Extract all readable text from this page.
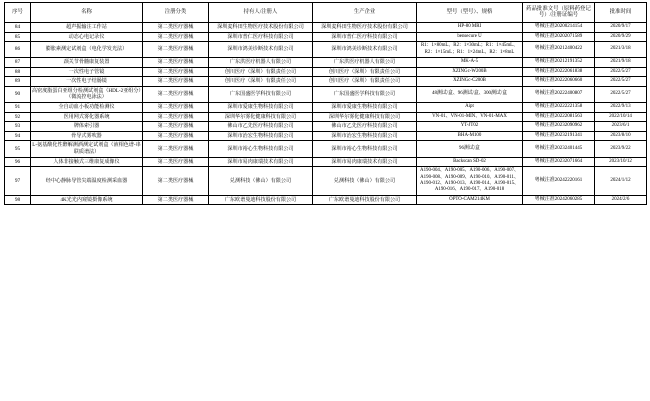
序号	名称	注册分类	持有人/注册人	生产企业	型号（型号）、规格	药品批准文号（原料药登记号）/注册证编号	批准时间
84	超声振输注工作站	第二类医疗器械	深圳麦科田生物医疗技术股份有限公司	深圳麦科田生物医疗技术股份有限公司	HP-80 MRI	粤械注准20200214154	2020/9/17
85	动态心电记录仪	第二类医疗器械	深圳市普仁医疗科技有限公司	深圳市普仁医疗科技有限公司	bensecure U	粤械注准20202071589	2020/9/29
86	膨胀素测定试剂盒（电化学发光法）	第二类医疗器械	深圳市鸿美诊断技术有限公司	深圳市鸿美诊断技术有限公司	R1：1×80mL、R2：1×30mL；R1：1×45mL、R2：1×15mL；R1：1×24mL、R2：1×8mL	粤械注准20212400422	2021/3/18
87	颈关节骨髓康复装置	第二类医疗器械	广东洪医疗机器人有限公司	广东洪医疗机器人有限公司	MK-A-5	粤械注准20212191352	2021/9/18
88	一次性电子管镜	第二类医疗器械	创川医疗（深圳）有限责任公司	创川医疗（深圳）有限责任公司	XZINGc-W200B	粤械注准20222061838	2022/5/27
89	一次性电子结肠镜	第二类医疗器械	创川医疗（深圳）有限责任公司	创川医疗（深圳）有限责任公司	XZINGc-C200B	粤械注准20222060660	2022/5/27
90	高密度脂蛋白亚组分检测试剂盒（HDL-2亚组分）（微流控电泳法）	第二类医疗器械	广东国盛医学科技有限公司	广东国盛医学科技有限公司	48测试/盒、96测试/盒、300测试/盒	粤械注准20222400807	2022/5/27
91	全自动血小板功能检测仪	第二类医疗器械	深圳市爱康生物科技有限公司	深圳市爱康生物科技有限公司	Aipt	粤械注准20222221358	2022/9/13
92	医用网式雾化器系统	第二类医疗器械	深圳华尔雾化健康科技有限公司	深圳华尔雾化健康科技有限公司	VN-01、VN-01-MIN、VN-01-MAX	粤械注准20222081563	2022/10/14
93	牌体索引器	第二类医疗器械	佛山市乙先医疗科技有限公司	佛山市乙先医疗科技有限公司	YT-JT02	粤械注准20232090962	2023/6/1
94	骨导式雾吹器	第二类医疗器械	深圳市治宏生物科技有限公司	深圳市治宏生物科技有限公司	BHA-M100	粤械注准20232191341	2023/8/10
95	L-氨基酸化性酵解测酒测定试剂盒（液相色谱-串联质谱法）	第二类医疗器械	深圳市裕心生物科技有限公司	深圳市裕心生物科技有限公司	96测试/盒	粤械注准20232401445	2023/9/22
96	人体非接触式三维康复成像仪	第二类医疗器械	深圳市易肉康瑞技术有限公司	深圳市易肉康瑞技术有限公司	Backscan SD-02	粤械注准20232071664	2023/10/12
97	经中心静脉导管尖端温度检测采血器	第二类医疗器械	兑测科技（佛山）有限公司	兑测科技（佛山）有限公司	A190-004、A190-005、A190-006、A190-007、A190-008、A190-009、A190-010、A190-011、A190-012、A190-013、A190-014、A190-015、A190-016、A190-017、A190-018	粤械注准20242220161	2024/1/12
98	4K光光内窥镜摄像系统	第二类医疗器械	广东欧谱曼迪科技股份有限公司	广东欧谱曼迪科技股份有限公司	OPTO-CAM214KM	粤械注准20242060285	2024/2/6
